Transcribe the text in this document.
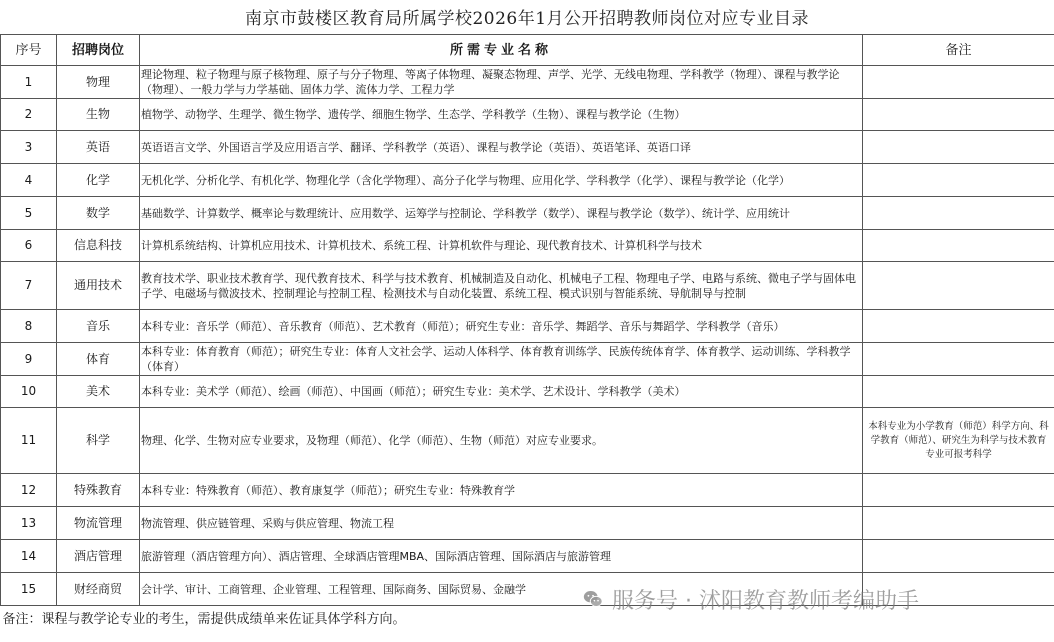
南京市鼓楼区教育局所属学校2026年1月公开招聘教师岗位对应专业目录
序号	招聘岗位	所需专业名称	备注
1	物理	理论物理、粒子物理与原子核物理、原子与分子物理、等离子体物理、凝聚态物理、声学、光学、无线电物理、学科教学（物理）、课程与教学论（物理）、一般力学与力学基础、固体力学、流体力学、工程力学	
2	生物	植物学、动物学、生理学、微生物学、遗传学、细胞生物学、生态学、学科教学（生物）、课程与教学论（生物）	
3	英语	英语语言文学、外国语言学及应用语言学、翻译、学科教学（英语）、课程与教学论（英语）、英语笔译、英语口译	
4	化学	无机化学、分析化学、有机化学、物理化学（含化学物理）、高分子化学与物理、应用化学、学科教学（化学）、课程与教学论（化学）	
5	数学	基础数学、计算数学、概率论与数理统计、应用数学、运筹学与控制论、学科教学（数学）、课程与教学论（数学）、统计学、应用统计	
6	信息科技	计算机系统结构、计算机应用技术、计算机技术、系统工程、计算机软件与理论、现代教育技术、计算机科学与技术	
7	通用技术	教育技术学、职业技术教育学、现代教育技术、科学与技术教育、机械制造及自动化、机械电子工程、物理电子学、电路与系统、微电子学与固体电子学、电磁场与微波技术、控制理论与控制工程、检测技术与自动化装置、系统工程、模式识别与智能系统、导航制导与控制	
8	音乐	本科专业：音乐学（师范）、音乐教育（师范）、艺术教育（师范）；研究生专业：音乐学、舞蹈学、音乐与舞蹈学、学科教学（音乐）	
9	体育	本科专业：体育教育（师范）；研究生专业：体育人文社会学、运动人体科学、体育教育训练学、民族传统体育学、体育教学、运动训练、学科教学（体育）	
10	美术	本科专业：美术学（师范）、绘画（师范）、中国画（师范）；研究生专业：美术学、艺术设计、学科教学（美术）	
11	科学	物理、化学、生物对应专业要求，及物理（师范）、化学（师范）、生物（师范）对应专业要求。	本科专业为小学教育（师范）科学方向、科学教育（师范）、研究生为科学与技术教育专业可报考科学
12	特殊教育	本科专业：特殊教育（师范）、教育康复学（师范）；研究生专业：特殊教育学	
13	物流管理	物流管理、供应链管理、采购与供应管理、物流工程	
14	酒店管理	旅游管理（酒店管理方向）、酒店管理、全球酒店管理MBA、国际酒店管理、国际酒店与旅游管理	
15	财经商贸	会计学、审计、工商管理、企业管理、工程管理、国际商务、国际贸易、金融学	
备注：课程与教学论专业的考生，需提供成绩单来佐证具体学科方向。			
服务号 · 沭阳教育教师考编助手
